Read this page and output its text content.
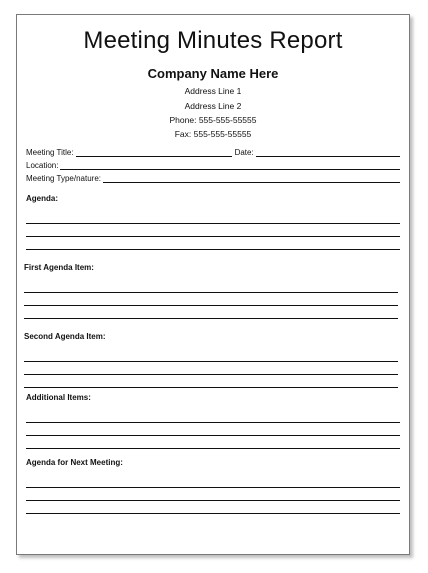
Meeting Minutes Report
Company Name Here
Address Line 1
Address Line 2
Phone: 555-555-55555
Fax: 555-555-55555
Meeting Title:	Date:
Location:
Meeting Type/nature:
Agenda:
First Agenda Item:
Second Agenda Item:
Additional Items:
Agenda for Next Meeting:
